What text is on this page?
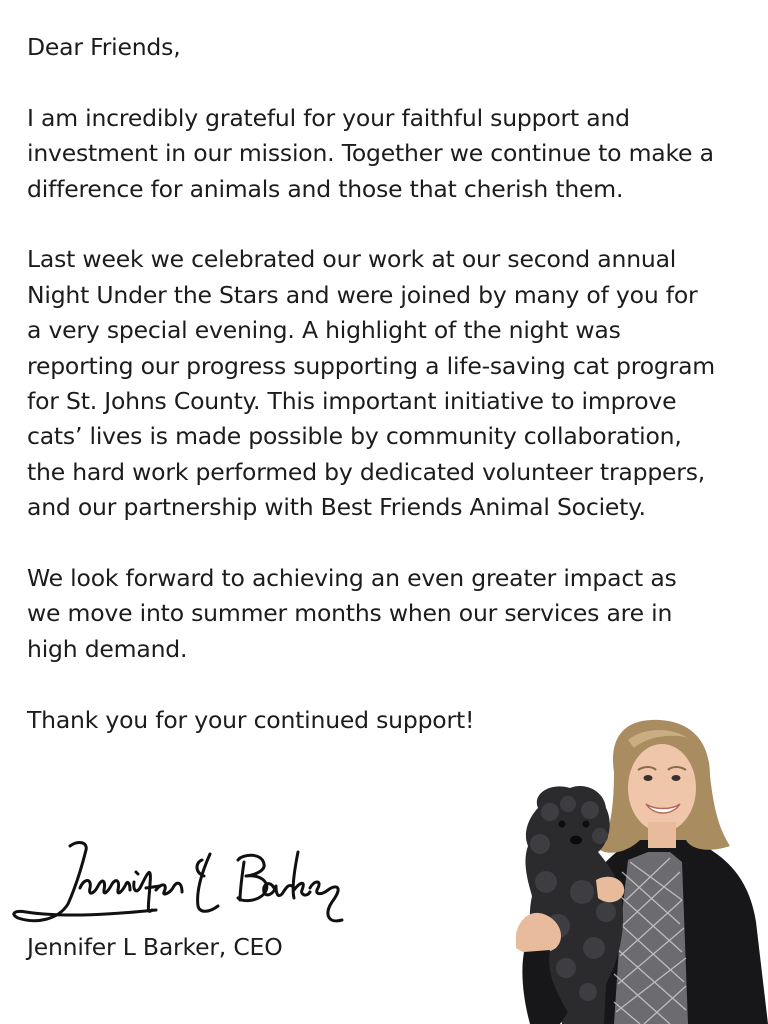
Dear Friends,

I am incredibly grateful for your faithful support and investment in our mission. Together we continue to make a difference for animals and those that cherish them.

Last week we celebrated our work at our second annual Night Under the Stars and were joined by many of you for a very special evening. A highlight of the night was reporting our progress supporting a life-saving cat program for St. Johns County. This important initiative to improve cats’ lives is made possible by community collaboration, the hard work performed by dedicated volunteer trappers, and our partnership with Best Friends Animal Society.

We look forward to achieving an even greater impact as we move into summer months when our services are in high demand.

Thank you for your continued support!

Jennifer L Barker, CEO
